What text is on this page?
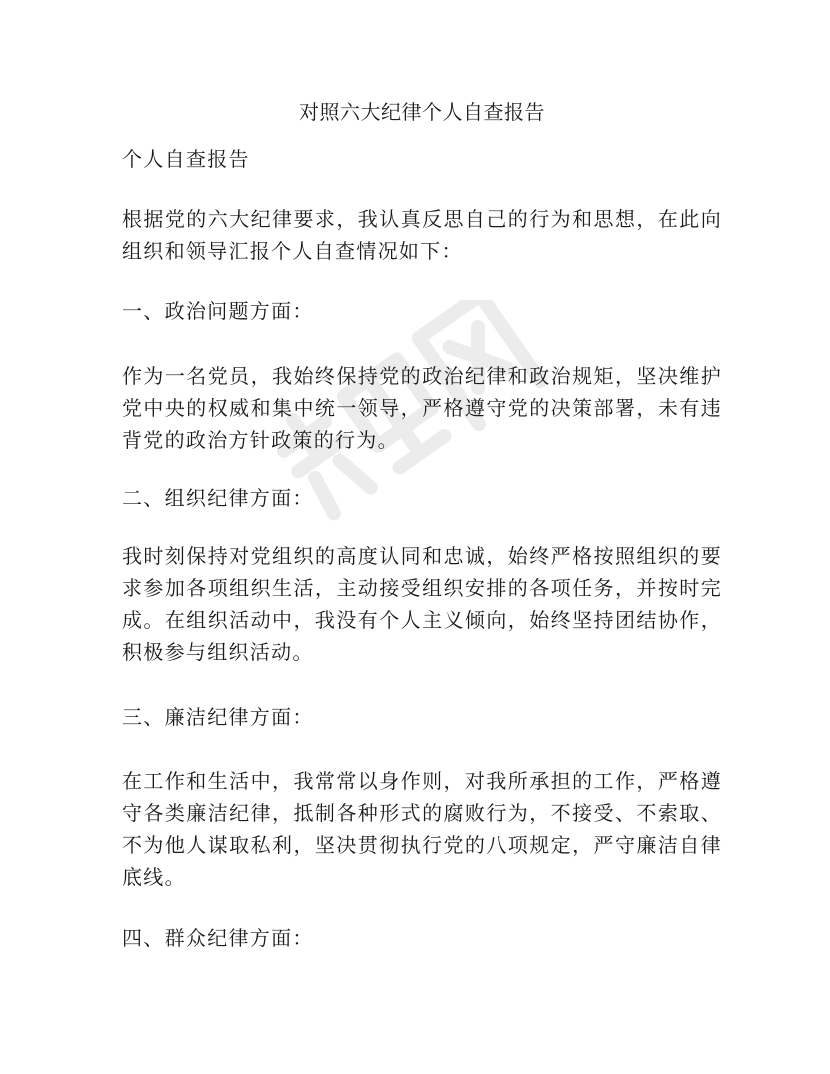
对照六大纪律个人自查报告

个人自查报告

根据党的六大纪律要求，我认真反思自己的行为和思想，在此向组织和领导汇报个人自查情况如下：

一、政治问题方面：

作为一名党员，我始终保持党的政治纪律和政治规矩，坚决维护党中央的权威和集中统一领导，严格遵守党的决策部署，未有违背党的政治方针政策的行为。

二、组织纪律方面：

我时刻保持对党组织的高度认同和忠诚，始终严格按照组织的要求参加各项组织生活，主动接受组织安排的各项任务，并按时完成。在组织活动中，我没有个人主义倾向，始终坚持团结协作，积极参与组织活动。

三、廉洁纪律方面：

在工作和生活中，我常常以身作则，对我所承担的工作，严格遵守各类廉洁纪律，抵制各种形式的腐败行为，不接受、不索取、不为他人谋取私利，坚决贯彻执行党的八项规定，严守廉洁自律底线。

四、群众纪律方面：
